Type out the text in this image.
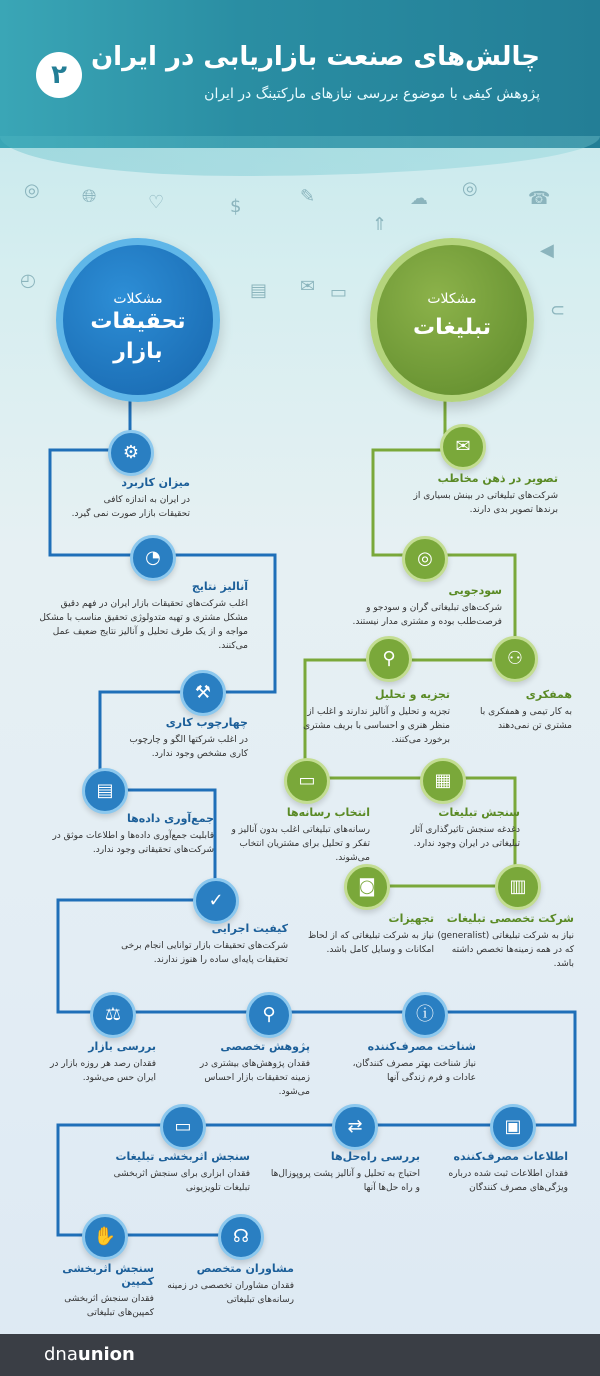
۲
چالش‌های صنعت بازاریابی در ایران
پژوهش کیفی با موضوع بررسی نیازهای مارکتینگ در ایران
◎ 🌐︎	♡	$	✎
⇑
☁ ◎	☎
◀
◴	▤ ✉ ▭
⊂
مشکلات
تحقیقات
بازار
مشکلات
تبلیغات
⚙
میزان کاربرد
در ایران به اندازه کافی تحقیقات بازار صورت نمی گیرد.
◔
آنالیز نتایج
اغلب شرکت‌های تحقیقات بازار ایران در فهم دقیق مشکل مشتری و تهیه متدولوژی تحقیق مناسب با مشکل مواجه و از یک طرف تحلیل و آنالیز نتایج ضعیف عمل می‌کنند.
⚒
چهارچوب کاری
در اغلب شرکتها الگو و چارچوب کاری مشخص وجود ندارد.
▤
جمع‌آوری داده‌ها
قابلیت جمع‌آوری داده‌ها و اطلاعات موثق در شرکت‌های تحقیقاتی وجود ندارد.
✓
کیفیت اجرایی
شرکت‌های تحقیقات بازار توانایی انجام برخی تحقیقات پایه‌ای ساده را هنوز ندارند.
⚖
بررسی بازار
فقدان رصد هر روزه بازار در ایران حس می‌شود.
⚲
پژوهش تخصصی
فقدان پژوهش‌های بیشتری در زمینه تحقیقات بازار احساس می‌شود.
ⓘ
شناخت مصرف‌کننده
نیاز شناخت بهتر مصرف کنندگان، عادات و فرم زندگی آنها
▣
اطلاعات مصرف‌کننده
فقدان اطلاعات ثبت شده درباره ویژگی‌های مصرف کنندگان
⇄
بررسی راه‌حل‌ها
احتیاج به تحلیل و آنالیز پشت پروپوزال‌ها و راه حل‌ها آنها
▭
سنجش اثربخشی تبلیغات
فقدان ابزاری برای سنجش اثربخشی تبلیغات تلویزیونی
☊
مشاوران متخصص
فقدان مشاوران تخصصی در زمینه رسانه‌های تبلیغاتی
✋
سنجش اثربخشی کمپین
فقدان سنجش اثربخشی کمپین‌های تبلیغاتی
✉
تصویر در ذهن مخاطب
شرکت‌های تبلیغاتی در بینش بسیاری از برندها تصویر بدی دارند.
◎
سودجویی
شرکت‌های تبلیغاتی گران و سودجو و فرصت‌طلب بوده و مشتری مدار نیستند.
⚇
همفکری
به کار تیمی و همفکری با مشتری تن نمی‌دهند
⚲
تجزیه و تحلیل
تجزیه و تحلیل و آنالیز ندارند و اغلب از منظر هنری و احساسی با بریف مشتری برخورد می‌کنند.
▦
سنجش تبلیغات
دغدغه سنجش تاثیرگذاری آثار تبلیغاتی در ایران وجود ندارد.
▭
انتخاب رسانه‌ها
رسانه‌های تبلیغاتی اغلب بدون آنالیز و تفکر و تحلیل برای مشتریان انتخاب می‌شوند.
▥
شرکت تخصصی تبلیغات
نیاز به شرکت تبلیغاتی (generalist) که در همه زمینه‌ها تخصص داشته باشد.
◙
تجهیزات
نیاز به شرکت تبلیغاتی که از لحاظ امکانات و وسایل کامل باشد.
dnaunion
